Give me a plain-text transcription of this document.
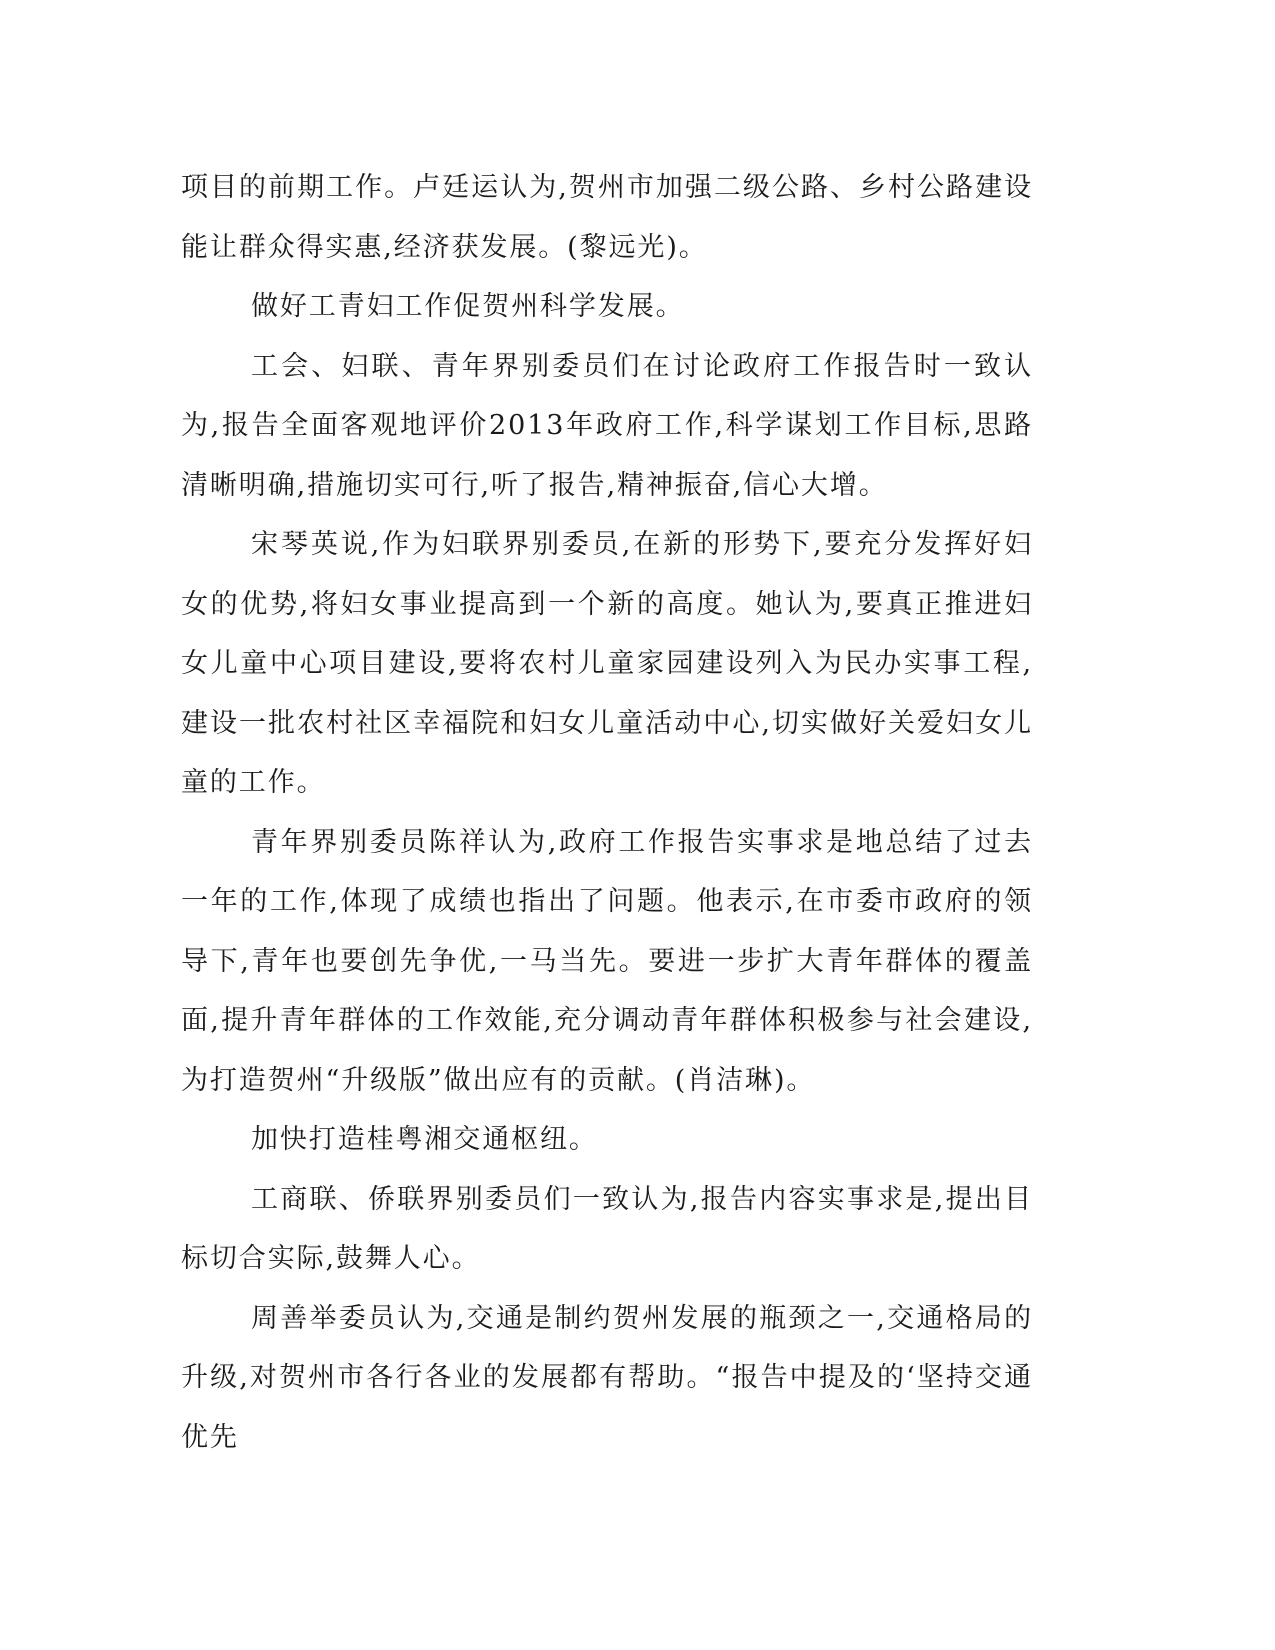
项目的前期工作。卢廷运认为,贺州市加强二级公路、乡村公路建设能让群众得实惠,经济获发展。(黎远光)。

做好工青妇工作促贺州科学发展。

工会、妇联、青年界别委员们在讨论政府工作报告时一致认为,报告全面客观地评价2013年政府工作,科学谋划工作目标,思路清晰明确,措施切实可行,听了报告,精神振奋,信心大增。

宋琴英说,作为妇联界别委员,在新的形势下,要充分发挥好妇女的优势,将妇女事业提高到一个新的高度。她认为,要真正推进妇女儿童中心项目建设,要将农村儿童家园建设列入为民办实事工程,建设一批农村社区幸福院和妇女儿童活动中心,切实做好关爱妇女儿童的工作。

青年界别委员陈祥认为,政府工作报告实事求是地总结了过去一年的工作,体现了成绩也指出了问题。他表示,在市委市政府的领导下,青年也要创先争优,一马当先。要进一步扩大青年群体的覆盖面,提升青年群体的工作效能,充分调动青年群体积极参与社会建设,为打造贺州“升级版”做出应有的贡献。(肖洁琳)。

加快打造桂粤湘交通枢纽。

工商联、侨联界别委员们一致认为,报告内容实事求是,提出目标切合实际,鼓舞人心。

周善举委员认为,交通是制约贺州发展的瓶颈之一,交通格局的升级,对贺州市各行各业的发展都有帮助。“报告中提及的‘坚持交通优先
